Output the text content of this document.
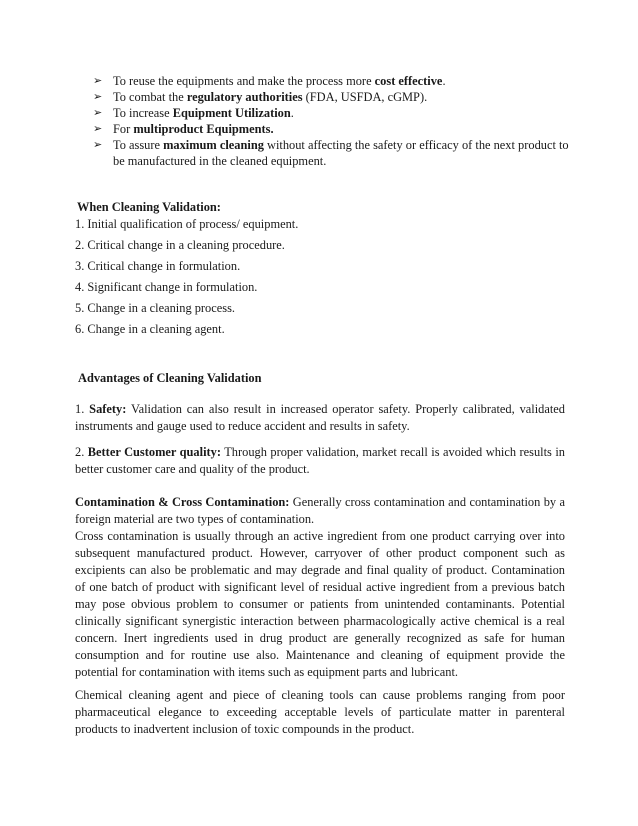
➢ To reuse the equipments and make the process more cost effective.
➢ To combat the regulatory authorities (FDA, USFDA, cGMP).
➢ To increase Equipment Utilization.
➢ For multiproduct Equipments.
➢ To assure maximum cleaning without affecting the safety or efficacy of the next product to be manufactured in the cleaned equipment.
When Cleaning Validation:
1. Initial qualification of process/ equipment.
2. Critical change in a cleaning procedure.
3. Critical change in formulation.
4. Significant change in formulation.
5. Change in a cleaning process.
6. Change in a cleaning agent.
Advantages of Cleaning Validation

1. Safety: Validation can also result in increased operator safety. Properly calibrated, validated instruments and gauge used to reduce accident and results in safety.

2. Better Customer quality: Through proper validation, market recall is avoided which results in better customer care and quality of the product.

Contamination & Cross Contamination: Generally cross contamination and contamination by a foreign material are two types of contamination.

Cross contamination is usually through an active ingredient from one product carrying over into subsequent manufactured product. However, carryover of other product component such as excipients can also be problematic and may degrade and final quality of product. Contamination of one batch of product with significant level of residual active ingredient from a previous batch may pose obvious problem to consumer or patients from unintended contaminants. Potential clinically significant synergistic interaction between pharmacologically active chemical is a real concern. Inert ingredients used in drug product are generally recognized as safe for human consumption and for routine use also. Maintenance and cleaning of equipment provide the potential for contamination with items such as equipment parts and lubricant.

Chemical cleaning agent and piece of cleaning tools can cause problems ranging from poor pharmaceutical elegance to exceeding acceptable levels of particulate matter in parenteral products to inadvertent inclusion of toxic compounds in the product.
